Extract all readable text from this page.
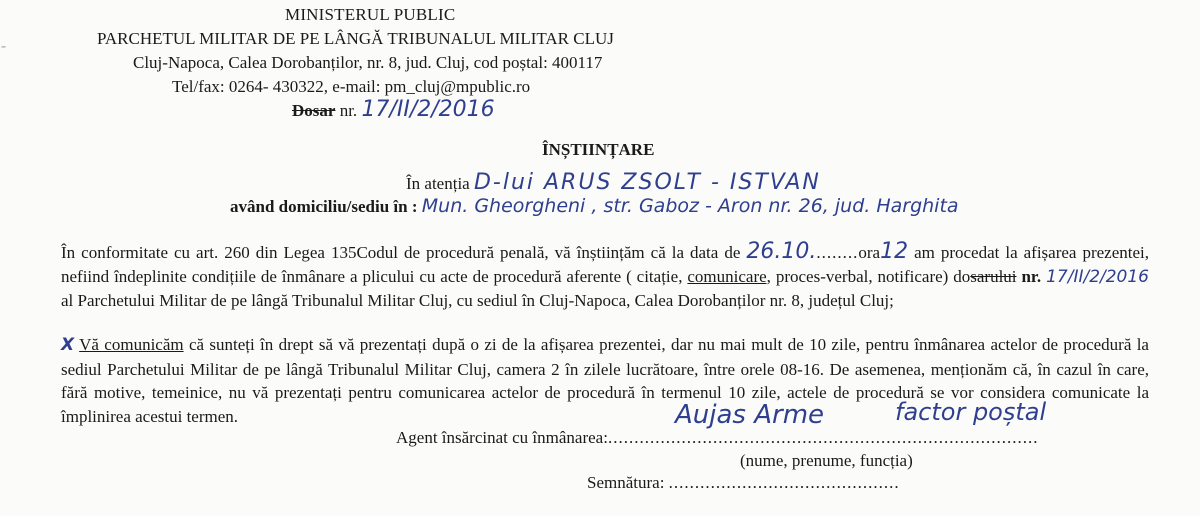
⁃
MINISTERUL PUBLIC
PARCHETUL MILITAR DE PE LÂNGĂ TRIBUNALUL MILITAR CLUJ
Cluj-Napoca, Calea Dorobanților, nr. 8, jud. Cluj, cod poștal: 400117
Tel/fax: 0264- 430322, e-mail: pm_cluj@mpublic.ro
Dosar nr. 17/II/2/2016
ÎNȘTIINȚARE
În atenția D-lui ARUS ZSOLT - ISTVAN
având domiciliu/sediu în : Mun. Gheorgheni , str. Gaboz - Aron nr. 26, jud. Harghita
În conformitate cu art. 260 din Legea 135Codul de procedură penală, vă înștiințăm că la data de 26.10.........ora12 am procedat la afișarea prezentei, nefiind îndeplinite condițiile de înmânare a plicului cu acte de procedură aferente ( citație, comunicare, proces-verbal, notificare) dosarului nr. 17/II/2/2016 al Parchetului Militar de pe lângă Tribunalul Militar Cluj, cu sediul în Cluj-Napoca, Calea Dorobanților nr. 8, județul Cluj;
X Vă comunicăm că sunteți în drept să vă prezentați după o zi de la afișarea prezentei, dar nu mai mult de 10 zile, pentru înmânarea actelor de procedură la sediul Parchetului Militar de pe lângă Tribunalul Militar Cluj, camera 2 în zilele lucrătoare, între orele 08-16. De asemenea, menționăm că, în cazul în care, fără motive, temeinice, nu vă prezentați pentru comunicarea actelor de procedură în termenul 10 zile, actele de procedură se vor considera comunicate la împlinirea acestui termen.
Agent însărcinat cu înmânarea:..................................................................................
Aujas Arme	factor poștal
(nume, prenume, funcția)
Semnătura: ............................................
